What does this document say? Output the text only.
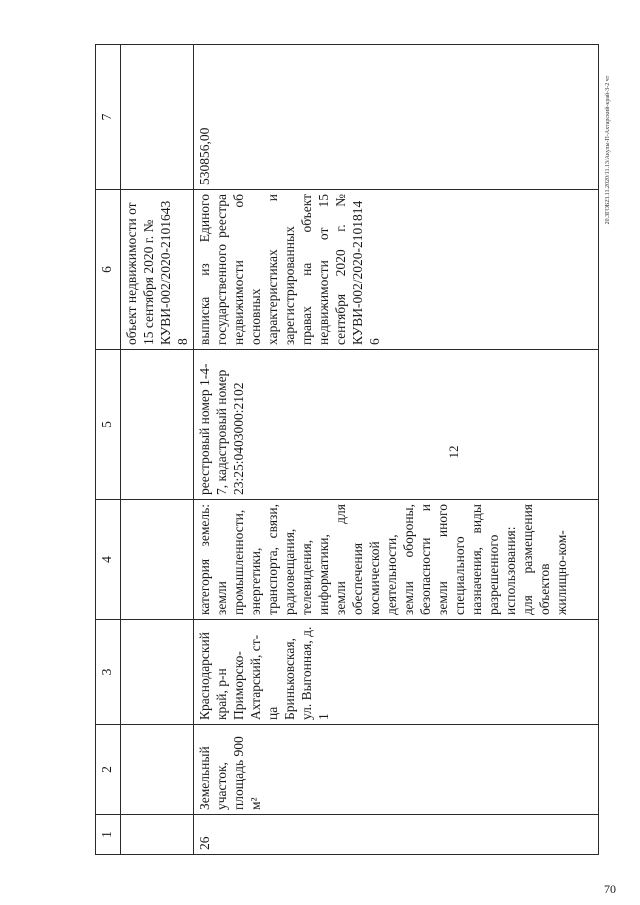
12
20.ЗГОБ23.11.2020/11.13/Акулы-П-Ахтарский-край-3-2 чт
70
1	2	3	4	5	6	7
					объект недвижимости от 15 сентября 2020 г. № КУВИ-002/2020-2101643 8	
26	Земельный участок, площадь 900 м²	Краснодарский край, р-н Приморско-Ахтарский, ст-ца Бриньковская, ул. Выгонная, д. 1	категория земель: земли промышленности, энергетики, транспорта, связи, радиовещания, телевидения, информатики, земли для обеспечения космической деятельности, земли обороны, безопасности и земли иного специального назначения, виды разрешенного использования: для размещения объектов жилищно-ком-	реестровый номер 1-4-7, кадастровый номер 23:25:0403000:2102	выписка из Единого государственного реестра недвижимости об основных характеристиках и зарегистрированных правах на объект недвижимости от 15 сентября 2020 г. № КУВИ-002/2020-2101814 6	530856,00
